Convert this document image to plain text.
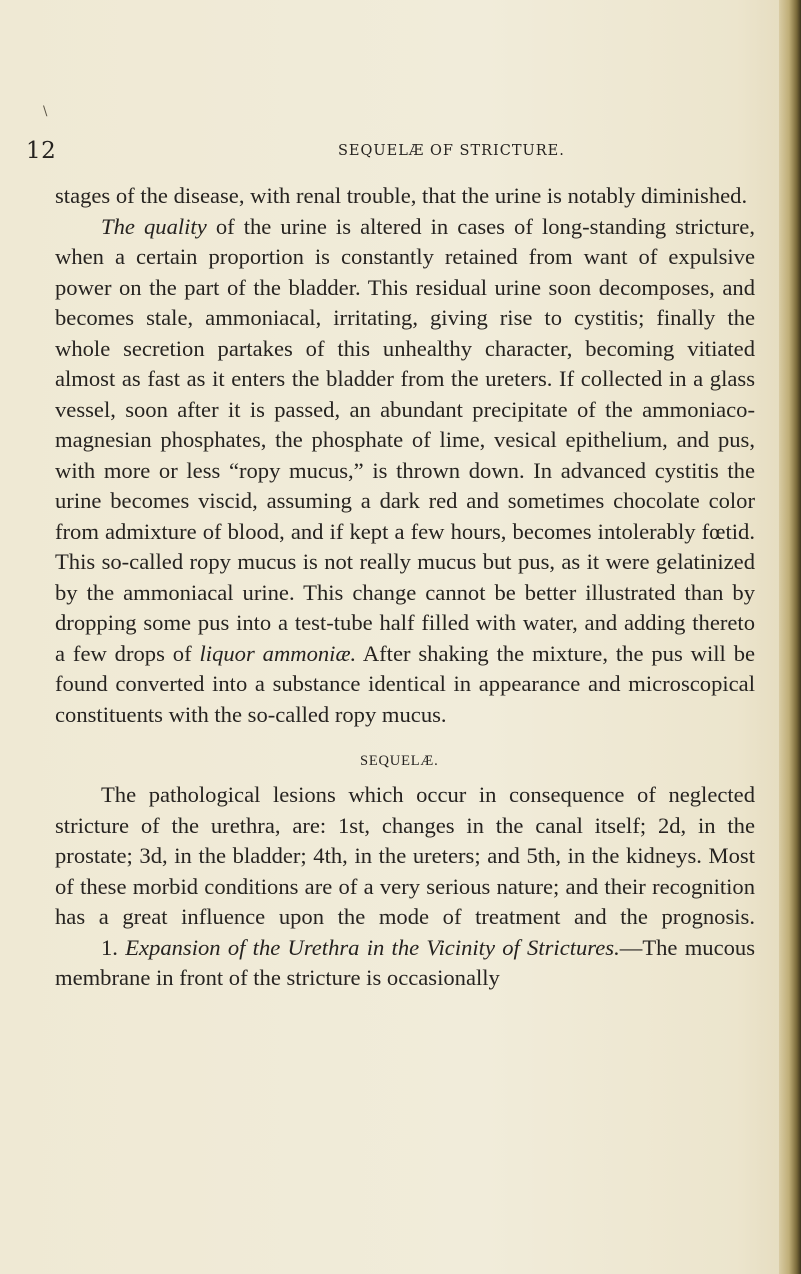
\
12	SEQUELÆ OF STRICTURE.

stages of the disease, with renal trouble, that the urine is notably diminished.

The quality of the urine is altered in cases of long-standing stricture, when a certain proportion is constantly retained from want of expulsive power on the part of the bladder. This residual urine soon decomposes, and becomes stale, ammoniacal, irritating, giving rise to cystitis; finally the whole secretion partakes of this unhealthy character, becoming vitiated almost as fast as it enters the bladder from the ureters. If collected in a glass vessel, soon after it is passed, an abundant precipitate of the ammoniaco-magnesian phosphates, the phosphate of lime, vesical epithelium, and pus, with more or less “ropy mucus,” is thrown down. In advanced cystitis the urine becomes viscid, assuming a dark red and sometimes chocolate color from admixture of blood, and if kept a few hours, becomes intolerably fœtid. This so-called ropy mucus is not really mucus but pus, as it were gelatinized by the ammoniacal urine. This change cannot be better illustrated than by dropping some pus into a test-tube half filled with water, and adding thereto a few drops of liquor ammoniæ. After shaking the mixture, the pus will be found converted into a substance identical in appearance and microscopical constituents with the so-called ropy mucus.

SEQUELÆ.

The pathological lesions which occur in consequence of neglected stricture of the urethra, are: 1st, changes in the canal itself; 2d, in the prostate; 3d, in the bladder; 4th, in the ureters; and 5th, in the kidneys. Most of these morbid conditions are of a very serious nature; and their recognition has a great influence upon the mode of treatment and the prognosis.

1. Expansion of the Urethra in the Vicinity of Strictures.—The mucous membrane in front of the stricture is occasionally
